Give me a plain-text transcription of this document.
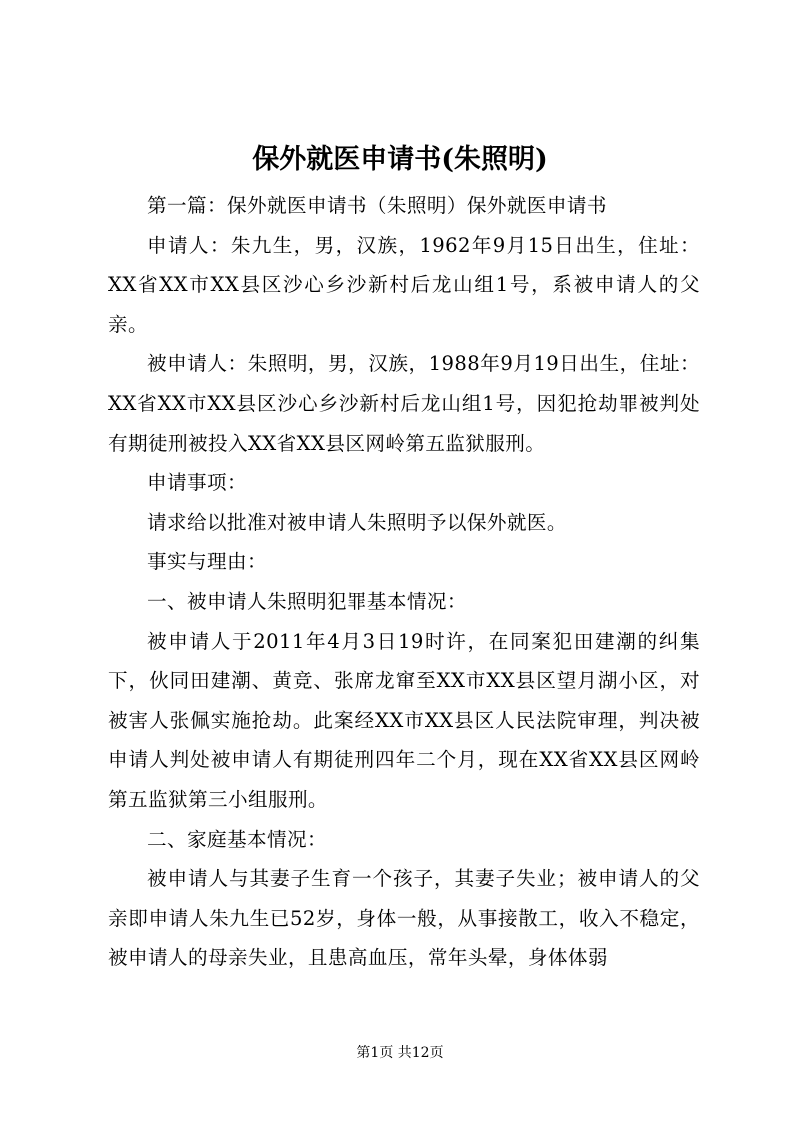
保外就医申请书(朱照明)

第一篇：保外就医申请书（朱照明）保外就医申请书

申请人：朱九生，男，汉族，1962年9月15日出生，住址：XX省XX市XX县区沙心乡沙新村后龙山组1号，系被申请人的父亲。

被申请人：朱照明，男，汉族，1988年9月19日出生，住址：XX省XX市XX县区沙心乡沙新村后龙山组1号，因犯抢劫罪被判处有期徒刑被投入XX省XX县区网岭第五监狱服刑。

申请事项：

请求给以批准对被申请人朱照明予以保外就医。

事实与理由：

一、被申请人朱照明犯罪基本情况：

被申请人于2011年4月3日19时许，在同案犯田建潮的纠集下，伙同田建潮、黄竞、张席龙窜至XX市XX县区望月湖小区，对被害人张佩实施抢劫。此案经XX市XX县区人民法院审理，判决被申请人判处被申请人有期徒刑四年二个月，现在XX省XX县区网岭第五监狱第三小组服刑。

二、家庭基本情况：

被申请人与其妻子生育一个孩子，其妻子失业；被申请人的父亲即申请人朱九生已52岁，身体一般，从事接散工，收入不稳定，被申请人的母亲失业，且患高血压，常年头晕，身体体弱

第1页 共12页
